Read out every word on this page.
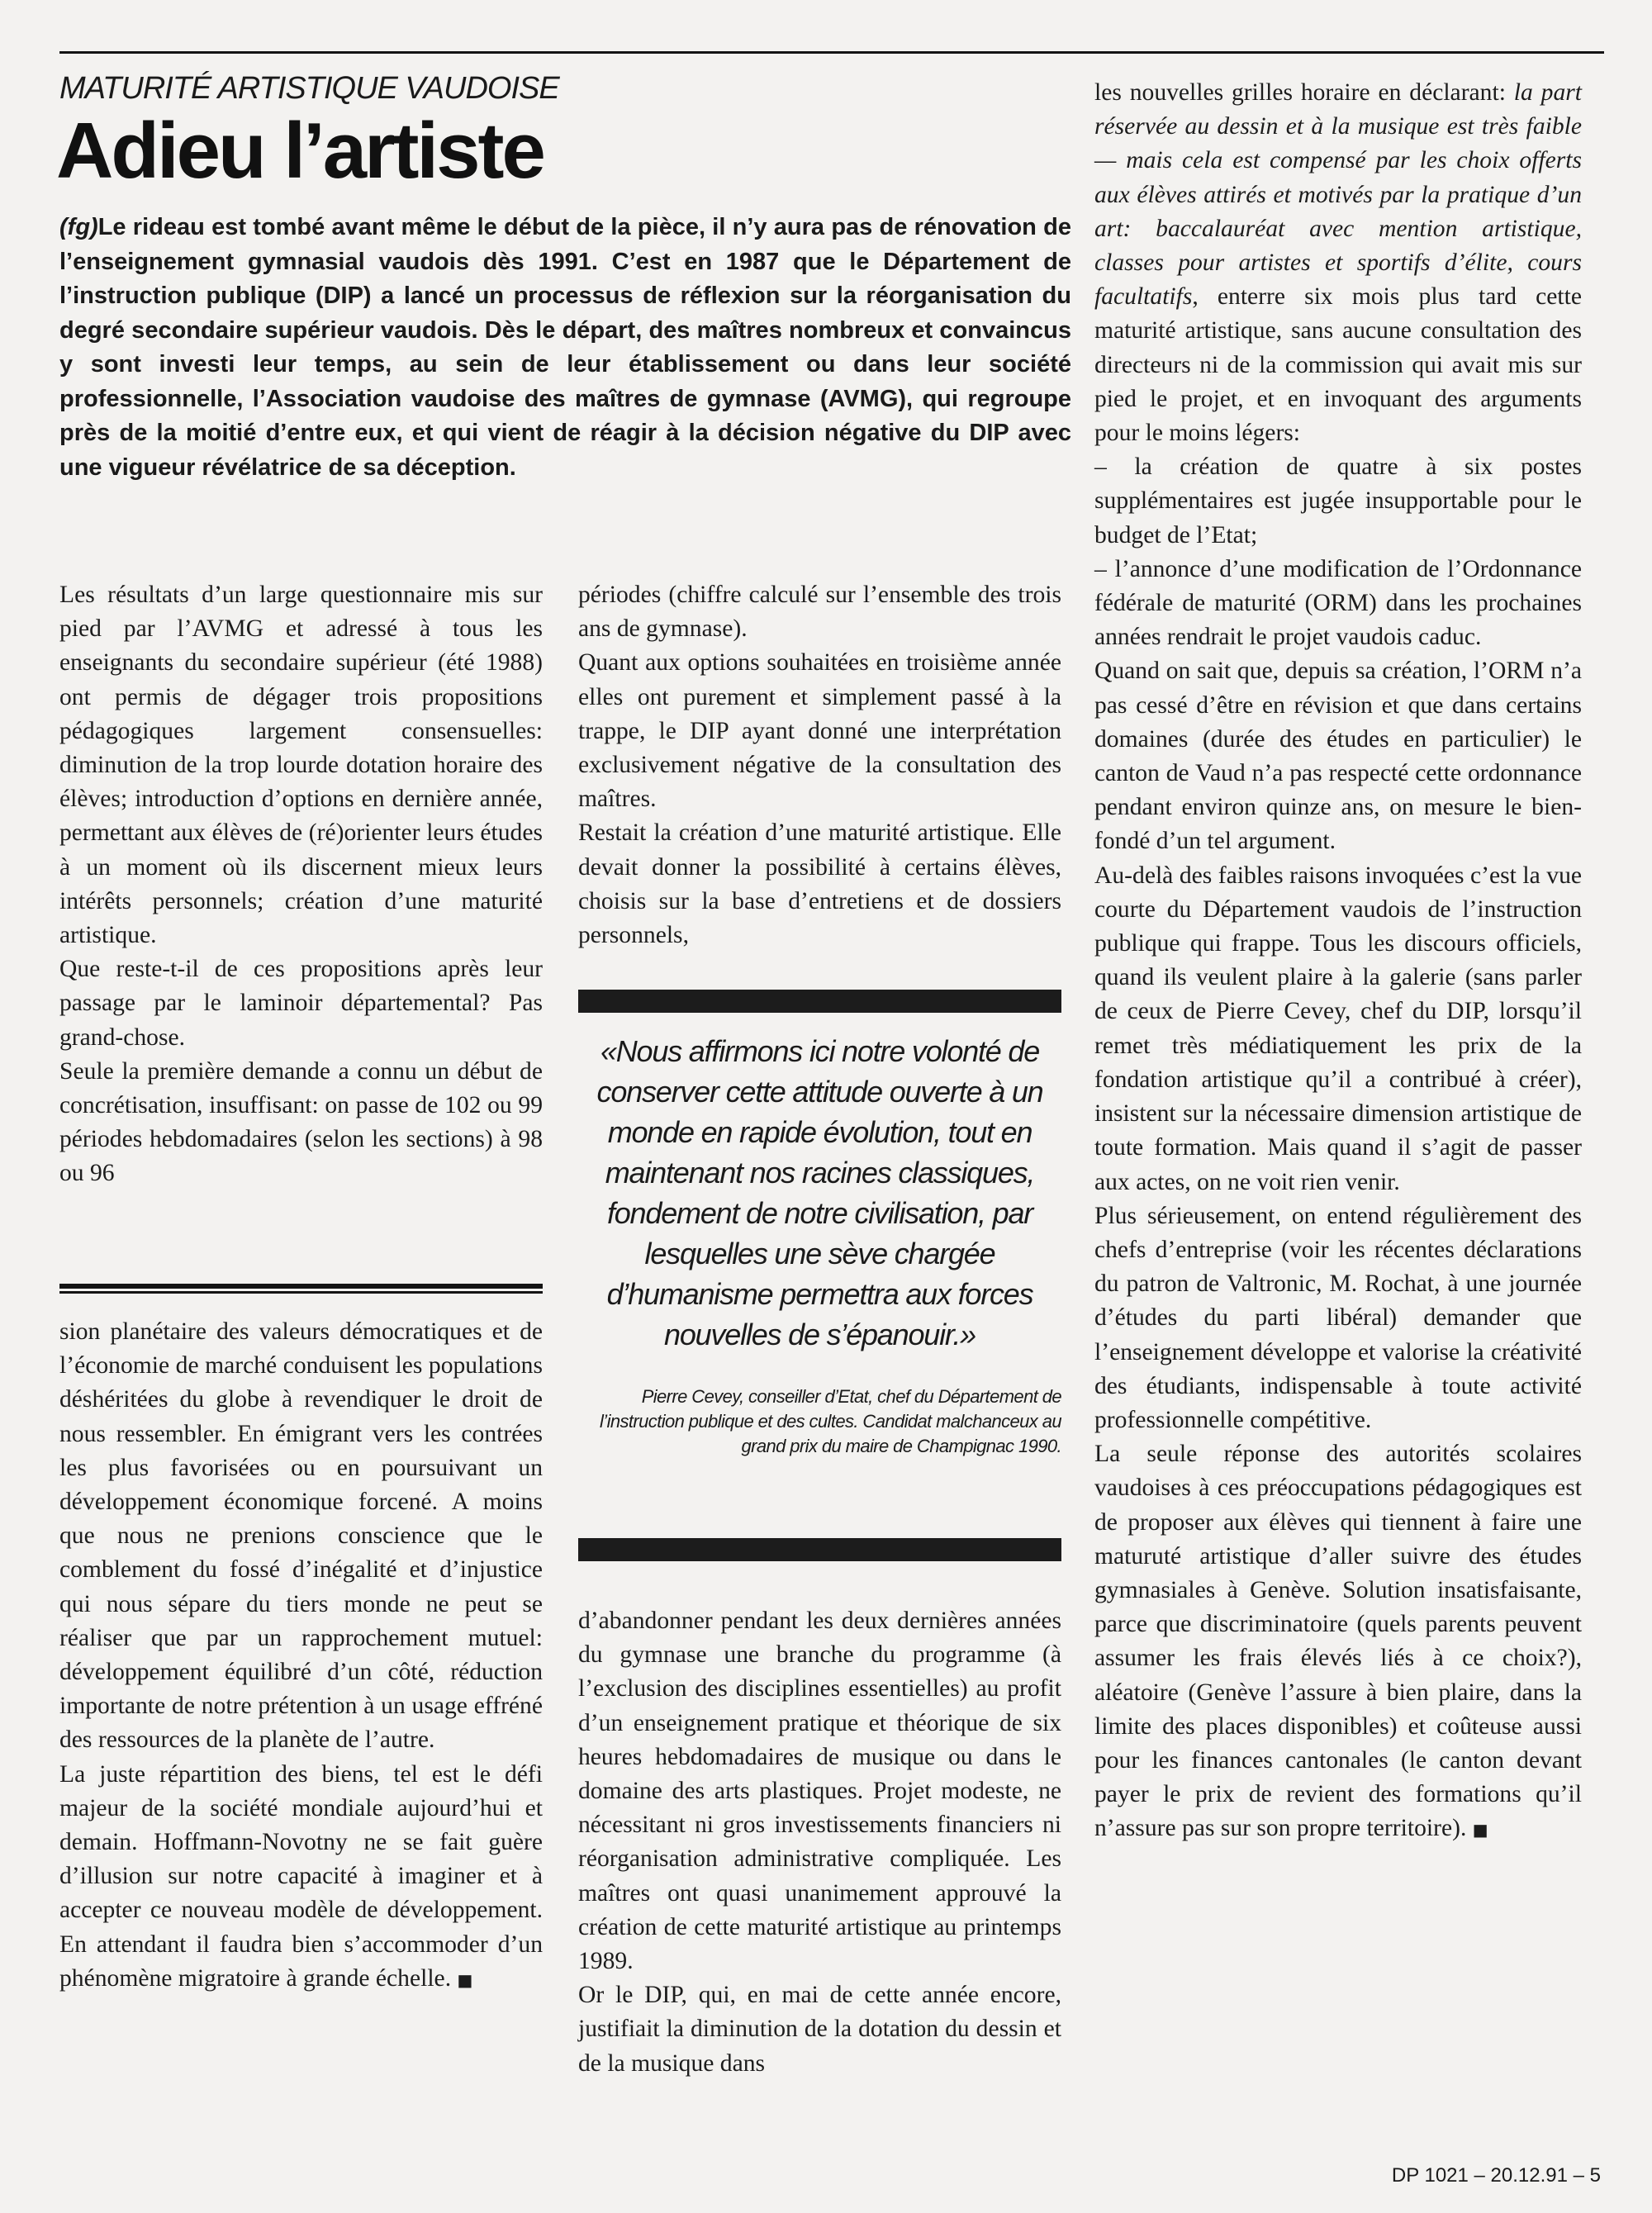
MATURITÉ ARTISTIQUE VAUDOISE
Adieu l’artiste
(fg)Le rideau est tombé avant même le début de la pièce, il n’y aura pas de rénovation de l’enseignement gymnasial vaudois dès 1991. C’est en 1987 que le Département de l’instruction publique (DIP) a lancé un processus de réflexion sur la réorganisation du degré secondaire supérieur vaudois. Dès le départ, des maîtres nombreux et convaincus y sont investi leur temps, au sein de leur établissement ou dans leur société professionnelle, l’Association vaudoise des maîtres de gymnase (AVMG), qui regroupe près de la moitié d’entre eux, et qui vient de réagir à la décision négative du DIP avec une vigueur révélatrice de sa déception.

Les résultats d’un large questionnaire mis sur pied par l’AVMG et adressé à tous les enseignants du secondaire supérieur (été 1988) ont permis de dégager trois propositions pédagogiques largement consensuelles: diminution de la trop lourde dotation horaire des élèves; introduction d’options en dernière année, permettant aux élèves de (ré)orienter leurs études à un moment où ils discernent mieux leurs intérêts personnels; création d’une maturité artistique.

Que reste-t-il de ces propositions après leur passage par le laminoir départemental? Pas grand-chose.

Seule la première demande a connu un début de concrétisation, insuffisant: on passe de 102 ou 99 périodes hebdomadaires (selon les sections) à 98 ou 96

périodes (chiffre calculé sur l’ensemble des trois ans de gymnase).

Quant aux options souhaitées en troisième année elles ont purement et simplement passé à la trappe, le DIP ayant donné une interprétation exclusivement négative de la consultation des maîtres.

Restait la création d’une maturité artistique. Elle devait donner la possibilité à certains élèves, choisis sur la base d’entretiens et de dossiers personnels,

sion planétaire des valeurs démocratiques et de l’économie de marché conduisent les populations déshéritées du globe à revendiquer le droit de nous ressembler. En émigrant vers les contrées les plus favorisées ou en poursuivant un développement économique forcené. A moins que nous ne prenions conscience que le comblement du fossé d’inégalité et d’injustice qui nous sépare du tiers monde ne peut se réaliser que par un rapprochement mutuel: développement équilibré d’un côté, réduction importante de notre prétention à un usage effréné des ressources de la planète de l’autre.

La juste répartition des biens, tel est le défi majeur de la société mondiale aujourd’hui et demain. Hoffmann-Novotny ne se fait guère d’illusion sur notre capacité à imaginer et à accepter ce nouveau modèle de développement. En attendant il faudra bien s’accommoder d’un phénomène migratoire à grande échelle. ■

«Nous affirmons ici notre volonté de conserver cette attitude ouverte à un monde en rapide évolution, tout en maintenant nos racines classiques, fondement de notre civilisation, par lesquelles une sève chargée d’humanisme permettra aux forces nouvelles de s’épanouir.»
Pierre Cevey, conseiller d’Etat, chef du Département de l’instruction publique et des cultes. Candidat malchanceux au grand prix du maire de Champignac 1990.

d’abandonner pendant les deux dernières années du gymnase une branche du programme (à l’exclusion des disciplines essentielles) au profit d’un enseignement pratique et théorique de six heures hebdomadaires de musique ou dans le domaine des arts plastiques. Projet modeste, ne nécessitant ni gros investissements financiers ni réorganisation administrative compliquée. Les maîtres ont quasi unanimement approuvé la création de cette maturité artistique au printemps 1989.

Or le DIP, qui, en mai de cette année encore, justifiait la diminution de la dotation du dessin et de la musique dans

les nouvelles grilles horaire en déclarant: la part réservée au dessin et à la musique est très faible — mais cela est compensé par les choix offerts aux élèves attirés et motivés par la pratique d’un art: baccalauréat avec mention artistique, classes pour artistes et sportifs d’élite, cours facultatifs, enterre six mois plus tard cette maturité artistique, sans aucune consultation des directeurs ni de la commission qui avait mis sur pied le projet, et en invoquant des arguments pour le moins légers:

– la création de quatre à six postes supplémentaires est jugée insupportable pour le budget de l’Etat;

– l’annonce d’une modification de l’Ordonnance fédérale de maturité (ORM) dans les prochaines années rendrait le projet vaudois caduc.

Quand on sait que, depuis sa création, l’ORM n’a pas cessé d’être en révision et que dans certains domaines (durée des études en particulier) le canton de Vaud n’a pas respecté cette ordonnance pendant environ quinze ans, on mesure le bien-fondé d’un tel argument.

Au-delà des faibles raisons invoquées c’est la vue courte du Département vaudois de l’instruction publique qui frappe. Tous les discours officiels, quand ils veulent plaire à la galerie (sans parler de ceux de Pierre Cevey, chef du DIP, lorsqu’il remet très médiatiquement les prix de la fondation artistique qu’il a contribué à créer), insistent sur la nécessaire dimension artistique de toute formation. Mais quand il s’agit de passer aux actes, on ne voit rien venir.

Plus sérieusement, on entend régulièrement des chefs d’entreprise (voir les récentes déclarations du patron de Valtronic, M. Rochat, à une journée d’études du parti libéral) demander que l’enseignement développe et valorise la créativité des étudiants, indispensable à toute activité professionnelle compétitive.

La seule réponse des autorités scolaires vaudoises à ces préoccupations pédagogiques est de proposer aux élèves qui tiennent à faire une maturuté artistique d’aller suivre des études gymnasiales à Genève. Solution insatisfaisante, parce que discriminatoire (quels parents peuvent assumer les frais élevés liés à ce choix?), aléatoire (Genève l’assure à bien plaire, dans la limite des places disponibles) et coûteuse aussi pour les finances cantonales (le canton devant payer le prix de revient des formations qu’il n’assure pas sur son propre territoire). ■

DP 1021 – 20.12.91 – 5
